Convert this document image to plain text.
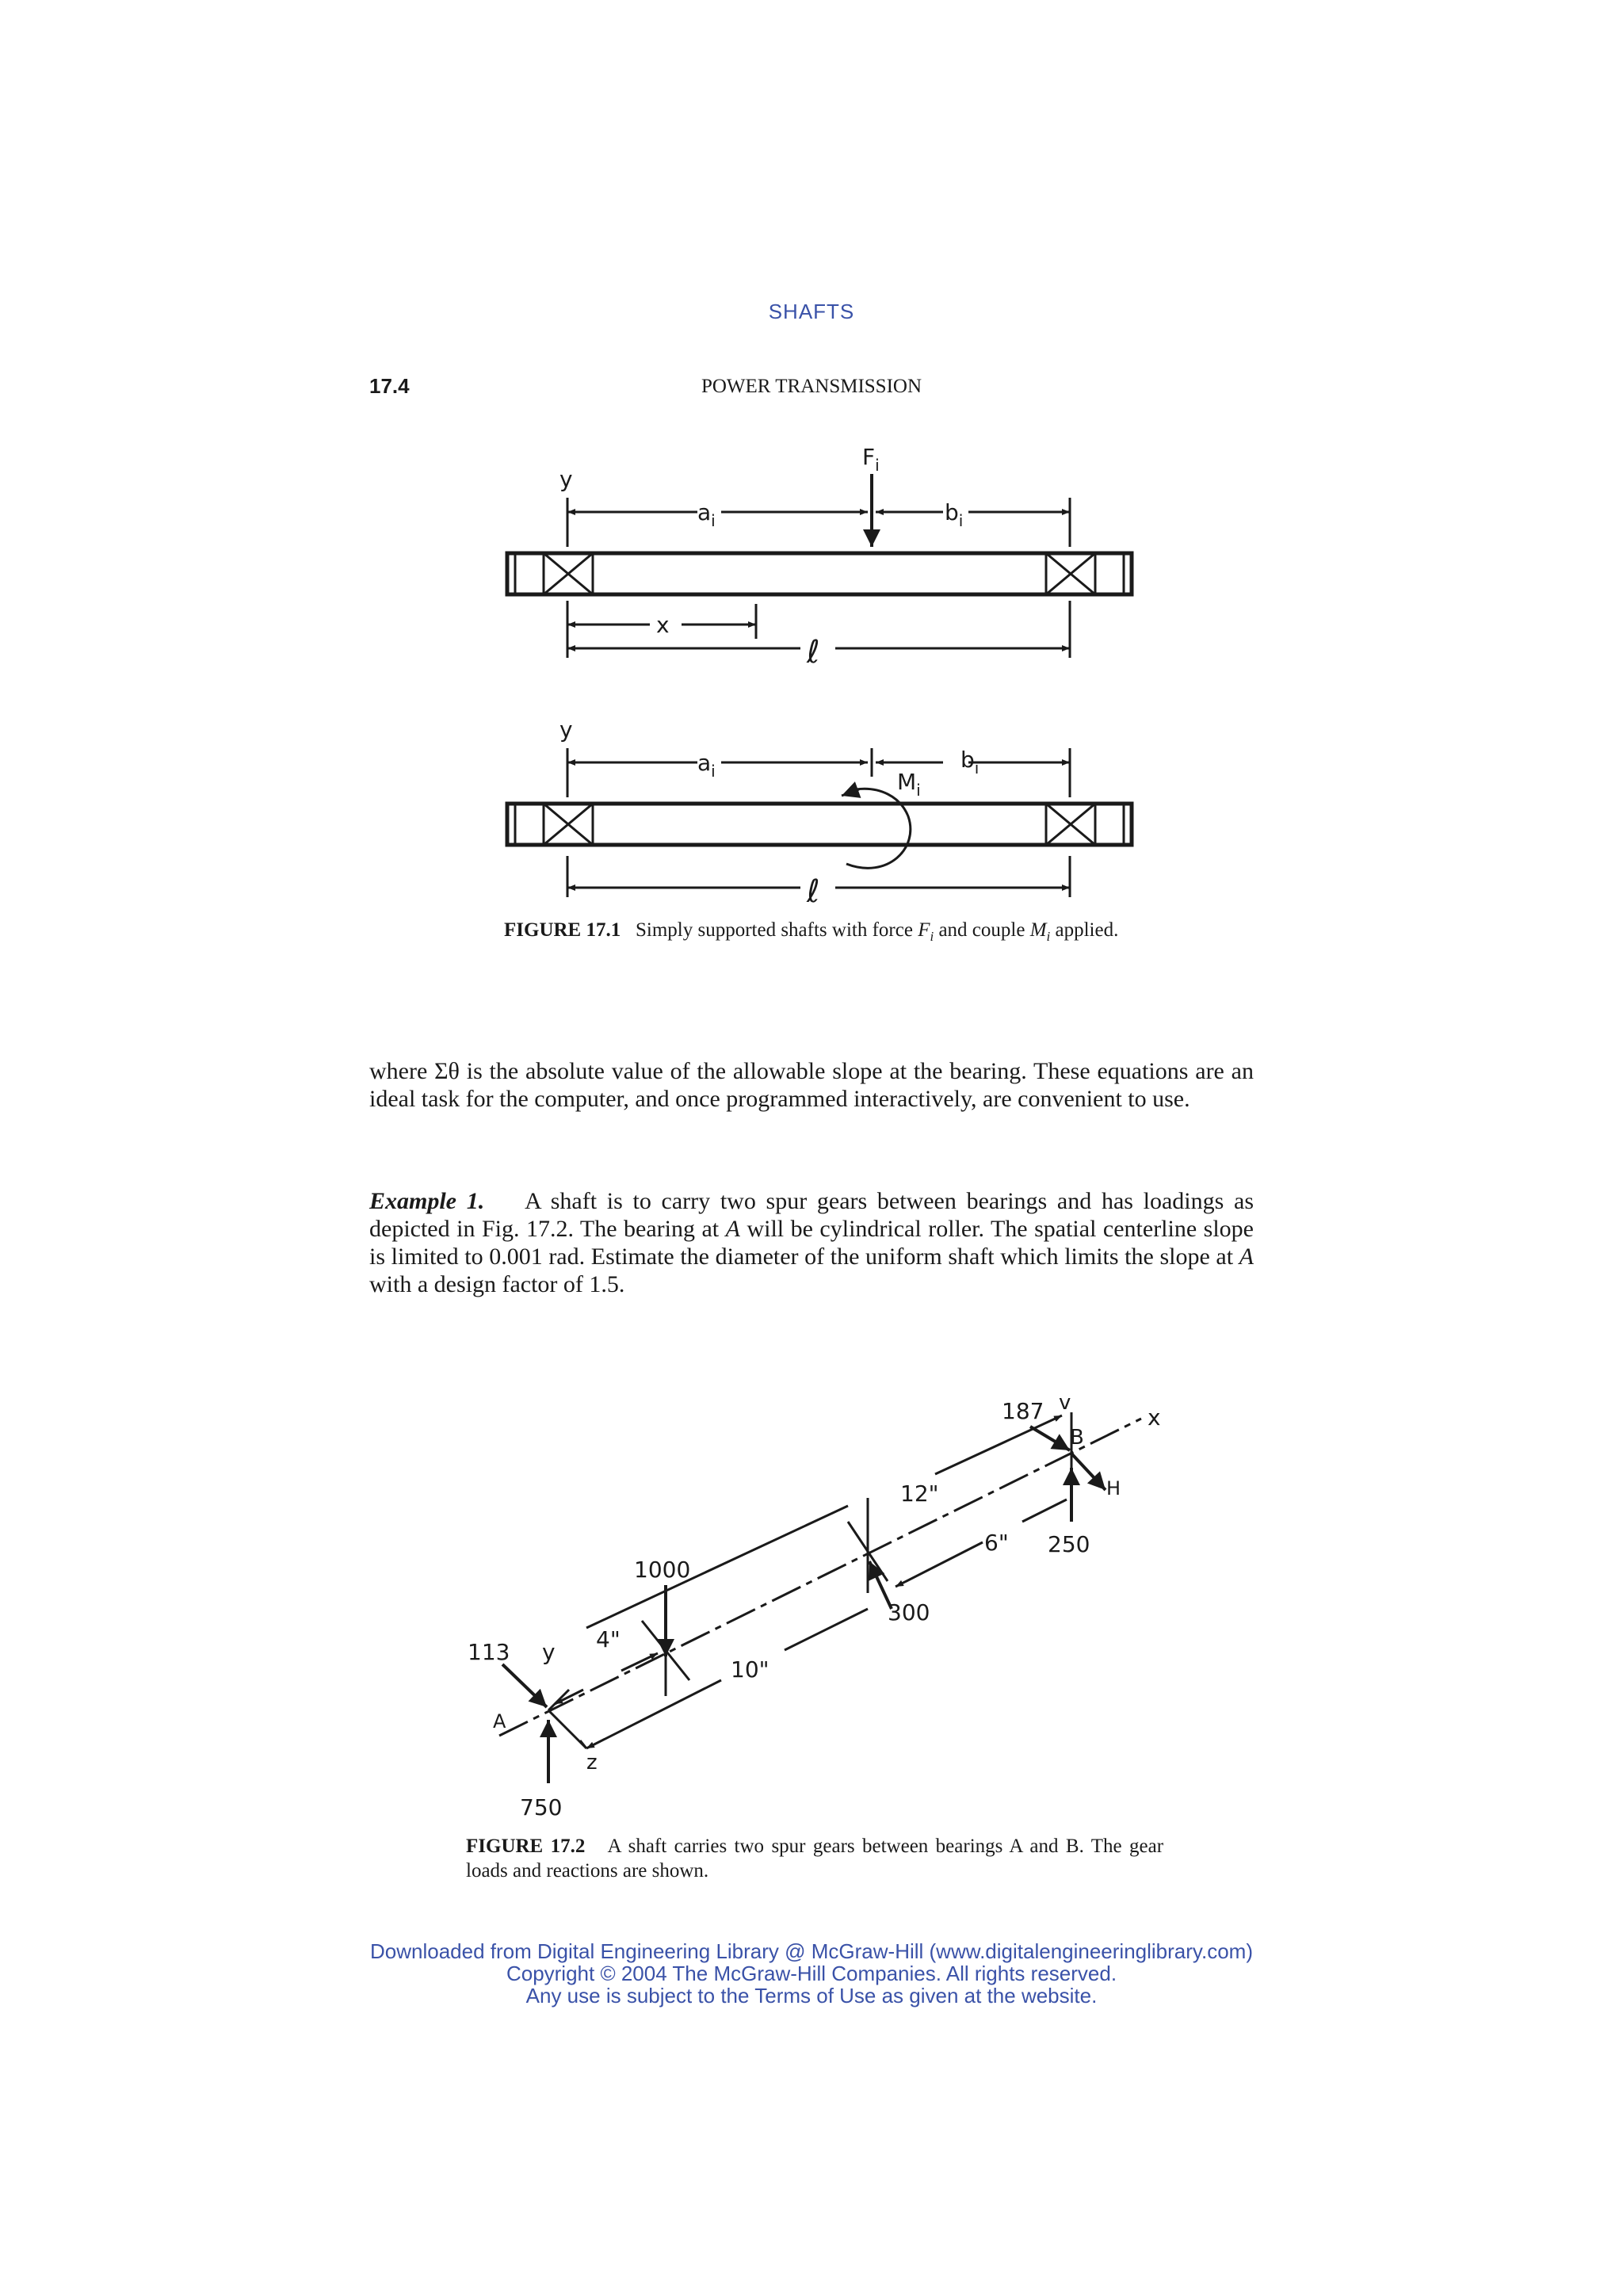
SHAFTS
17.4	POWER TRANSMISSION
y
$F_i$
$a_i$	$b_i$
x
ℓ
y
$a_i$	$b_i$
$M_i$
ℓ
FIGURE 17.1 Simply supported shafts with force $F_i$ and couple $M_i$ applied.
where Σθ is the absolute value of the allowable slope at the bearing. These equations are an ideal task for the computer, and once programmed interactively, are convenient to use.
Example 1. A shaft is to carry two spur gears between bearings and has loadings as depicted in Fig. 17.2. The bearing at A will be cylindrical roller. The spatial centerline slope is limited to 0.001 rad. Estimate the diameter of the uniform shaft which limits the slope at A with a design factor of 1.5.
187 v
x
B
H
12"
6" 250
1000
300
113 y 4"
10"
A
z
750
FIGURE 17.2 A shaft carries two spur gears between bearings A and B. The gear loads and reactions are shown.
Downloaded from Digital Engineering Library @ McGraw-Hill (www.digitalengineeringlibrary.com)
Copyright © 2004 The McGraw-Hill Companies. All rights reserved.
Any use is subject to the Terms of Use as given at the website.
